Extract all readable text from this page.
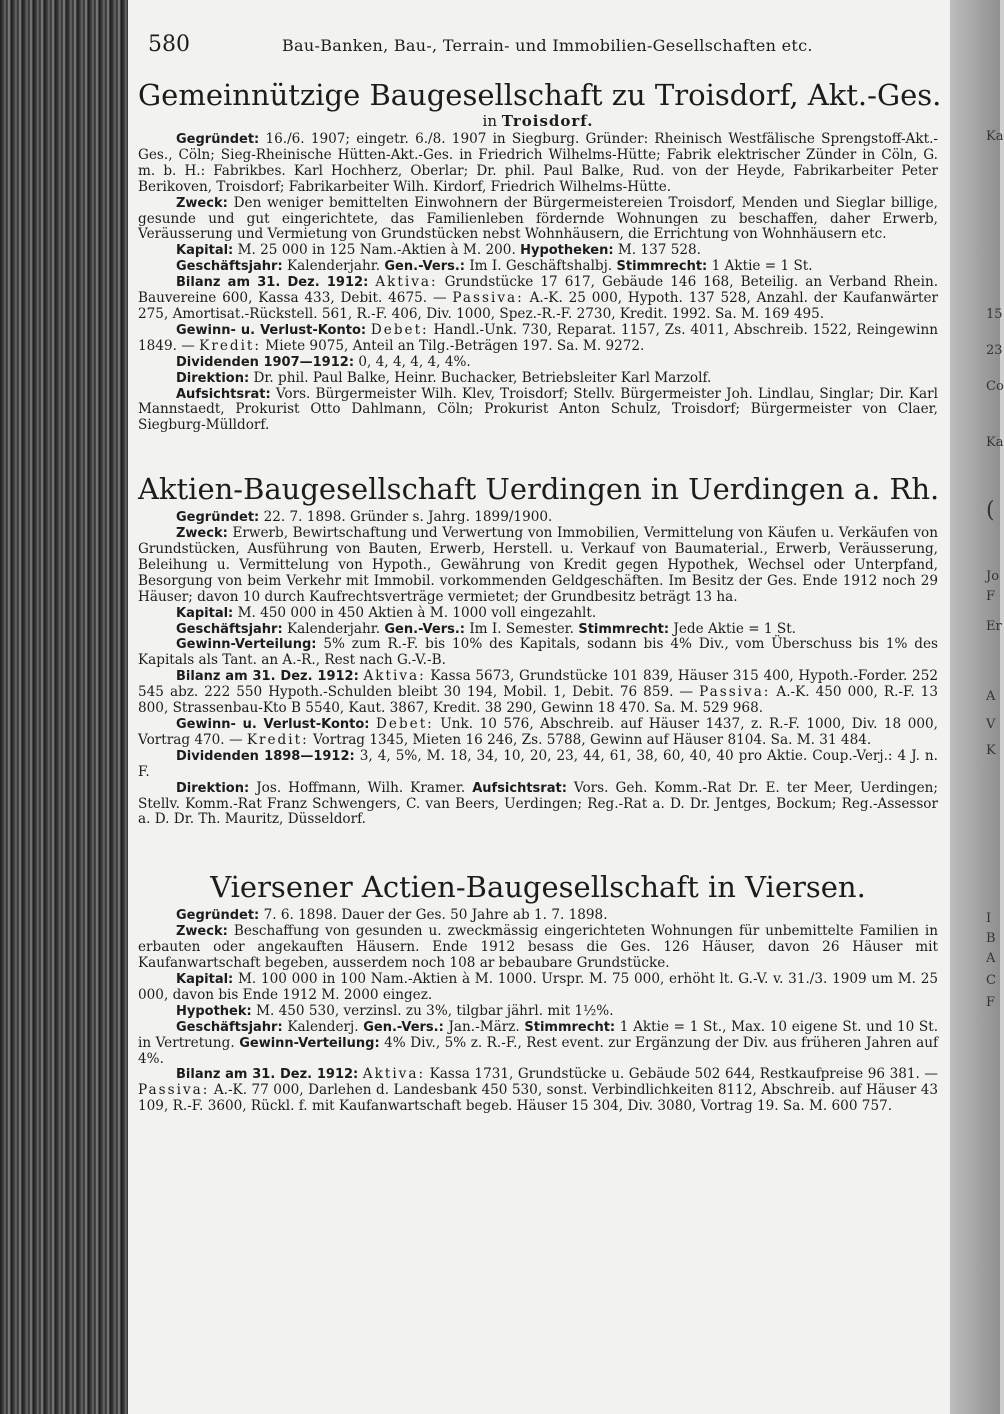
Ka
15
23
Co
Ka
(
Jo
F
Er
A
V
K
I
B
A
C
F
580	Bau-Banken, Bau-, Terrain- und Immobilien-Gesellschaften etc.
Gemeinnützige Baugesellschaft zu Troisdorf, Akt.-Ges.

in Troisdorf.

Gegründet: 16./6. 1907; eingetr. 6./8. 1907 in Siegburg. Gründer: Rheinisch Westfälische Sprengstoff-Akt.-Ges., Cöln; Sieg-Rheinische Hütten-Akt.-Ges. in Friedrich Wilhelms-Hütte; Fabrik elektrischer Zünder in Cöln, G. m. b. H.: Fabrikbes. Karl Hochherz, Oberlar; Dr. phil. Paul Balke, Rud. von der Heyde, Fabrikarbeiter Peter Berikoven, Troisdorf; Fabrikarbeiter Wilh. Kirdorf, Friedrich Wilhelms-Hütte.

Zweck: Den weniger bemittelten Einwohnern der Bürgermeistereien Troisdorf, Menden und Sieglar billige, gesunde und gut eingerichtete, das Familienleben fördernde Wohnungen zu beschaffen, daher Erwerb, Veräusserung und Vermietung von Grundstücken nebst Wohnhäusern, die Errichtung von Wohnhäusern etc.

Kapital: M. 25 000 in 125 Nam.-Aktien à M. 200. Hypotheken: M. 137 528.

Geschäftsjahr: Kalenderjahr. Gen.-Vers.: Im I. Geschäftshalbj. Stimmrecht: 1 Aktie = 1 St.

Bilanz am 31. Dez. 1912: Aktiva: Grundstücke 17 617, Gebäude 146 168, Beteilig. an Verband Rhein. Bauvereine 600, Kassa 433, Debit. 4675. — Passiva: A.-K. 25 000, Hypoth. 137 528, Anzahl. der Kaufanwärter 275, Amortisat.-Rückstell. 561, R.-F. 406, Div. 1000, Spez.-R.-F. 2730, Kredit. 1992. Sa. M. 169 495.

Gewinn- u. Verlust-Konto: Debet: Handl.-Unk. 730, Reparat. 1157, Zs. 4011, Abschreib. 1522, Reingewinn 1849. — Kredit: Miete 9075, Anteil an Tilg.-Beträgen 197. Sa. M. 9272.

Dividenden 1907—1912: 0, 4, 4, 4, 4, 4%.

Direktion: Dr. phil. Paul Balke, Heinr. Buchacker, Betriebsleiter Karl Marzolf.

Aufsichtsrat: Vors. Bürgermeister Wilh. Klev, Troisdorf; Stellv. Bürgermeister Joh. Lindlau, Singlar; Dir. Karl Mannstaedt, Prokurist Otto Dahlmann, Cöln; Prokurist Anton Schulz, Troisdorf; Bürgermeister von Claer, Siegburg-Mülldorf.

Aktien-Baugesellschaft Uerdingen in Uerdingen a. Rh.

Gegründet: 22. 7. 1898. Gründer s. Jahrg. 1899/1900.

Zweck: Erwerb, Bewirtschaftung und Verwertung von Immobilien, Vermittelung von Käufen u. Verkäufen von Grundstücken, Ausführung von Bauten, Erwerb, Herstell. u. Verkauf von Baumaterial., Erwerb, Veräusserung, Beleihung u. Vermittelung von Hypoth., Gewährung von Kredit gegen Hypothek, Wechsel oder Unterpfand, Besorgung von beim Verkehr mit Immobil. vorkommenden Geldgeschäften. Im Besitz der Ges. Ende 1912 noch 29 Häuser; davon 10 durch Kaufrechtsverträge vermietet; der Grundbesitz beträgt 13 ha.

Kapital: M. 450 000 in 450 Aktien à M. 1000 voll eingezahlt.

Geschäftsjahr: Kalenderjahr. Gen.-Vers.: Im I. Semester. Stimmrecht: Jede Aktie = 1 St.

Gewinn-Verteilung: 5% zum R.-F. bis 10% des Kapitals, sodann bis 4% Div., vom Überschuss bis 1% des Kapitals als Tant. an A.-R., Rest nach G.-V.-B.

Bilanz am 31. Dez. 1912: Aktiva: Kassa 5673, Grundstücke 101 839, Häuser 315 400, Hypoth.-Forder. 252 545 abz. 222 550 Hypoth.-Schulden bleibt 30 194, Mobil. 1, Debit. 76 859. — Passiva: A.-K. 450 000, R.-F. 13 800, Strassenbau-Kto B 5540, Kaut. 3867, Kredit. 38 290, Gewinn 18 470. Sa. M. 529 968.

Gewinn- u. Verlust-Konto: Debet: Unk. 10 576, Abschreib. auf Häuser 1437, z. R.-F. 1000, Div. 18 000, Vortrag 470. — Kredit: Vortrag 1345, Mieten 16 246, Zs. 5788, Gewinn auf Häuser 8104. Sa. M. 31 484.

Dividenden 1898—1912: 3, 4, 5%, M. 18, 34, 10, 20, 23, 44, 61, 38, 60, 40, 40 pro Aktie. Coup.-Verj.: 4 J. n. F.

Direktion: Jos. Hoffmann, Wilh. Kramer. Aufsichtsrat: Vors. Geh. Komm.-Rat Dr. E. ter Meer, Uerdingen; Stellv. Komm.-Rat Franz Schwengers, C. van Beers, Uerdingen; Reg.-Rat a. D. Dr. Jentges, Bockum; Reg.-Assessor a. D. Dr. Th. Mauritz, Düsseldorf.

Viersener Actien-Baugesellschaft in Viersen.

Gegründet: 7. 6. 1898. Dauer der Ges. 50 Jahre ab 1. 7. 1898.

Zweck: Beschaffung von gesunden u. zweckmässig eingerichteten Wohnungen für unbemittelte Familien in erbauten oder angekauften Häusern. Ende 1912 besass die Ges. 126 Häuser, davon 26 Häuser mit Kaufanwartschaft begeben, ausserdem noch 108 ar bebaubare Grundstücke.

Kapital: M. 100 000 in 100 Nam.-Aktien à M. 1000. Urspr. M. 75 000, erhöht lt. G.-V. v. 31./3. 1909 um M. 25 000, davon bis Ende 1912 M. 2000 eingez.

Hypothek: M. 450 530, verzinsl. zu 3%, tilgbar jährl. mit 1½%.

Geschäftsjahr: Kalenderj. Gen.-Vers.: Jan.-März. Stimmrecht: 1 Aktie = 1 St., Max. 10 eigene St. und 10 St. in Vertretung. Gewinn-Verteilung: 4% Div., 5% z. R.-F., Rest event. zur Ergänzung der Div. aus früheren Jahren auf 4%.

Bilanz am 31. Dez. 1912: Aktiva: Kassa 1731, Grundstücke u. Gebäude 502 644, Restkaufpreise 96 381. — Passiva: A.-K. 77 000, Darlehen d. Landesbank 450 530, sonst. Verbindlichkeiten 8112, Abschreib. auf Häuser 43 109, R.-F. 3600, Rückl. f. mit Kaufanwartschaft begeb. Häuser 15 304, Div. 3080, Vortrag 19. Sa. M. 600 757.
